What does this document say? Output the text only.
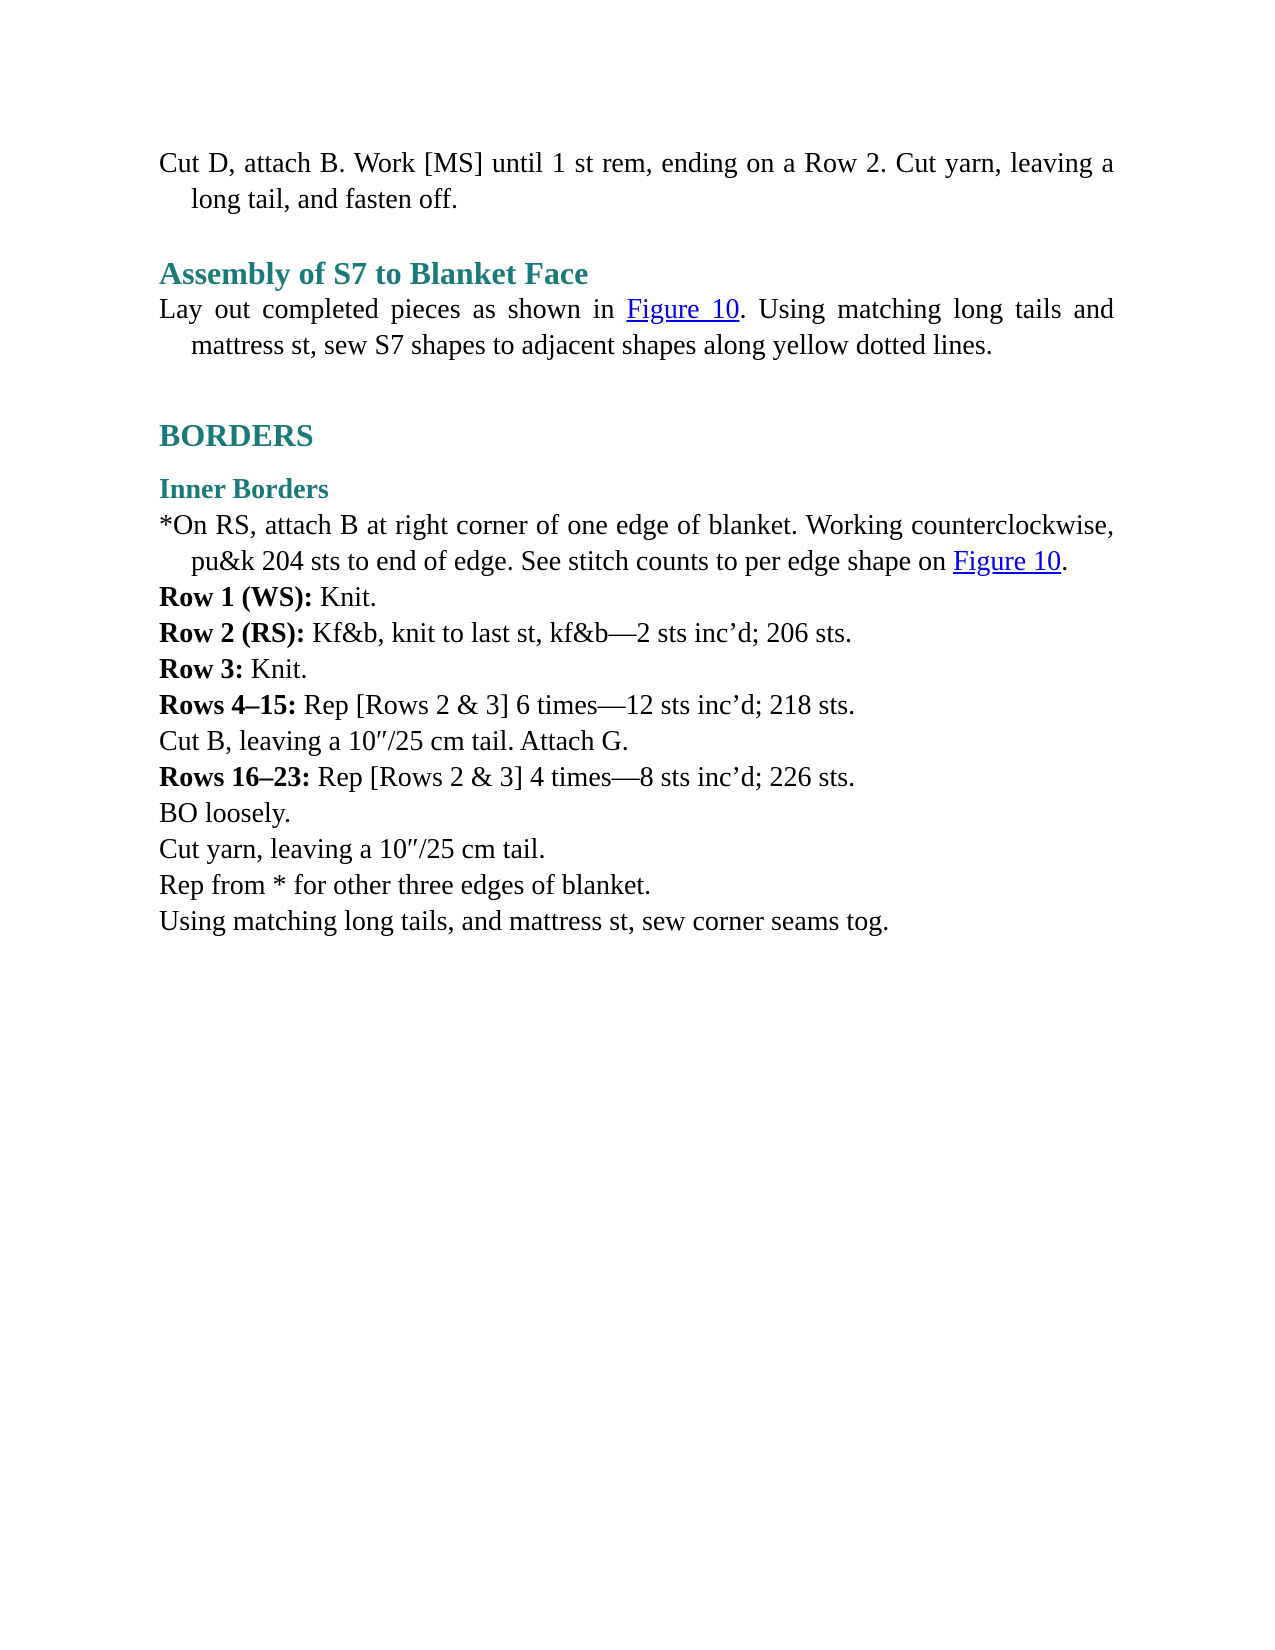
Cut D, attach B. Work [MS] until 1 st rem, ending on a Row 2. Cut yarn, leaving a long tail, and fasten off.

Assembly of S7 to Blanket Face

Lay out completed pieces as shown in Figure 10. Using matching long tails and mattress st, sew S7 shapes to adjacent shapes along yellow dotted lines.

BORDERS
Inner Borders

*On RS, attach B at right corner of one edge of blanket. Working counterclockwise, pu&k 204 sts to end of edge. See stitch counts to per edge shape on Figure 10.

Row 1 (WS): Knit.

Row 2 (RS): Kf&b, knit to last st, kf&b—2 sts inc’d; 206 sts.

Row 3: Knit.

Rows 4–15: Rep [Rows 2 & 3] 6 times—12 sts inc’d; 218 sts.

Cut B, leaving a 10″/25 cm tail. Attach G.

Rows 16–23: Rep [Rows 2 & 3] 4 times—8 sts inc’d; 226 sts.

BO loosely.

Cut yarn, leaving a 10″/25 cm tail.

Rep from * for other three edges of blanket.

Using matching long tails, and mattress st, sew corner seams tog.
